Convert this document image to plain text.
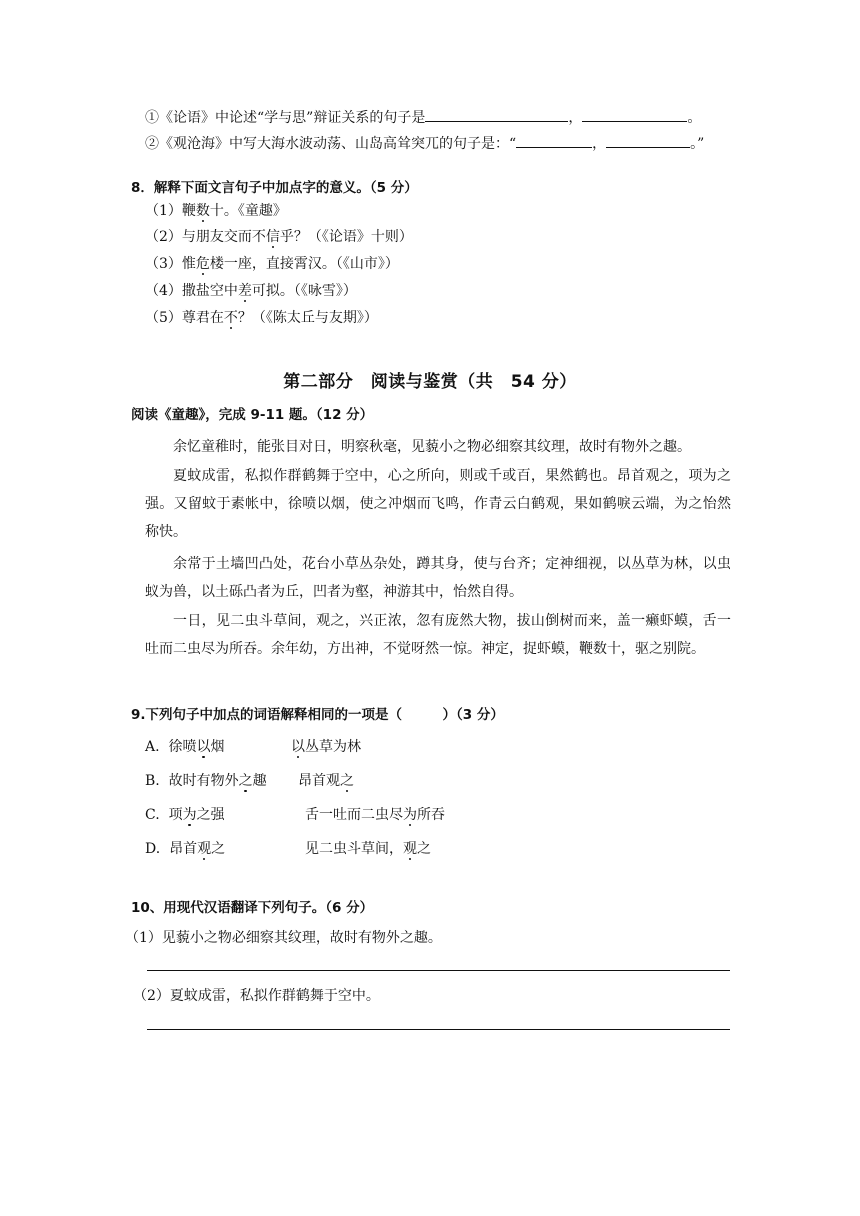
①《论语》中论述“学与思”辩证关系的句子是	，	。
②《观沧海》中写大海水波动荡、山岛高耸突兀的句子是：“	，	。”
8．解释下面文言句子中加点字的意义。（5 分）
（1）鞭数十。《童趣》
（2）与朋友交而不信乎？（《论语》十则）
（3）惟危楼一座，直接霄汉。（《山市》）
（4）撒盐空中差可拟。（《咏雪》）
（5）尊君在不？（《陈太丘与友期》）
第二部分　阅读与鉴赏（共　54 分）
阅读《童趣》，完成 9-11 题。（12 分）
余忆童稚时，能张目对日，明察秋毫，见藐小之物必细察其纹理，故时有物外之趣。
夏蚊成雷，私拟作群鹤舞于空中，心之所向，则或千或百，果然鹤也。昂首观之，项为之强。又留蚊于素帐中，徐喷以烟，使之冲烟而飞鸣，作青云白鹤观，果如鹤唳云端，为之怡然称快。
余常于土墙凹凸处，花台小草丛杂处，蹲其身，使与台齐；定神细视，以丛草为林，以虫蚁为兽，以土砾凸者为丘，凹者为壑，神游其中，怡然自得。
一日，见二虫斗草间，观之，兴正浓，忽有庞然大物，拔山倒树而来，盖一癞虾蟆，舌一吐而二虫尽为所吞。余年幼，方出神，不觉呀然一惊。神定，捉虾蟆，鞭数十，驱之别院。
9.下列句子中加点的词语解释相同的一项是（　　　）（3 分）
A. 徐喷以烟	以丛草为林
B. 故时有物外之趣 昂首观之
C. 项为之强	舌一吐而二虫尽为所吞
D. 昂首观之	见二虫斗草间，观之
10、用现代汉语翻译下列句子。（6 分）
（1）见藐小之物必细察其纹理，故时有物外之趣。
（2）夏蚊成雷，私拟作群鹤舞于空中。
